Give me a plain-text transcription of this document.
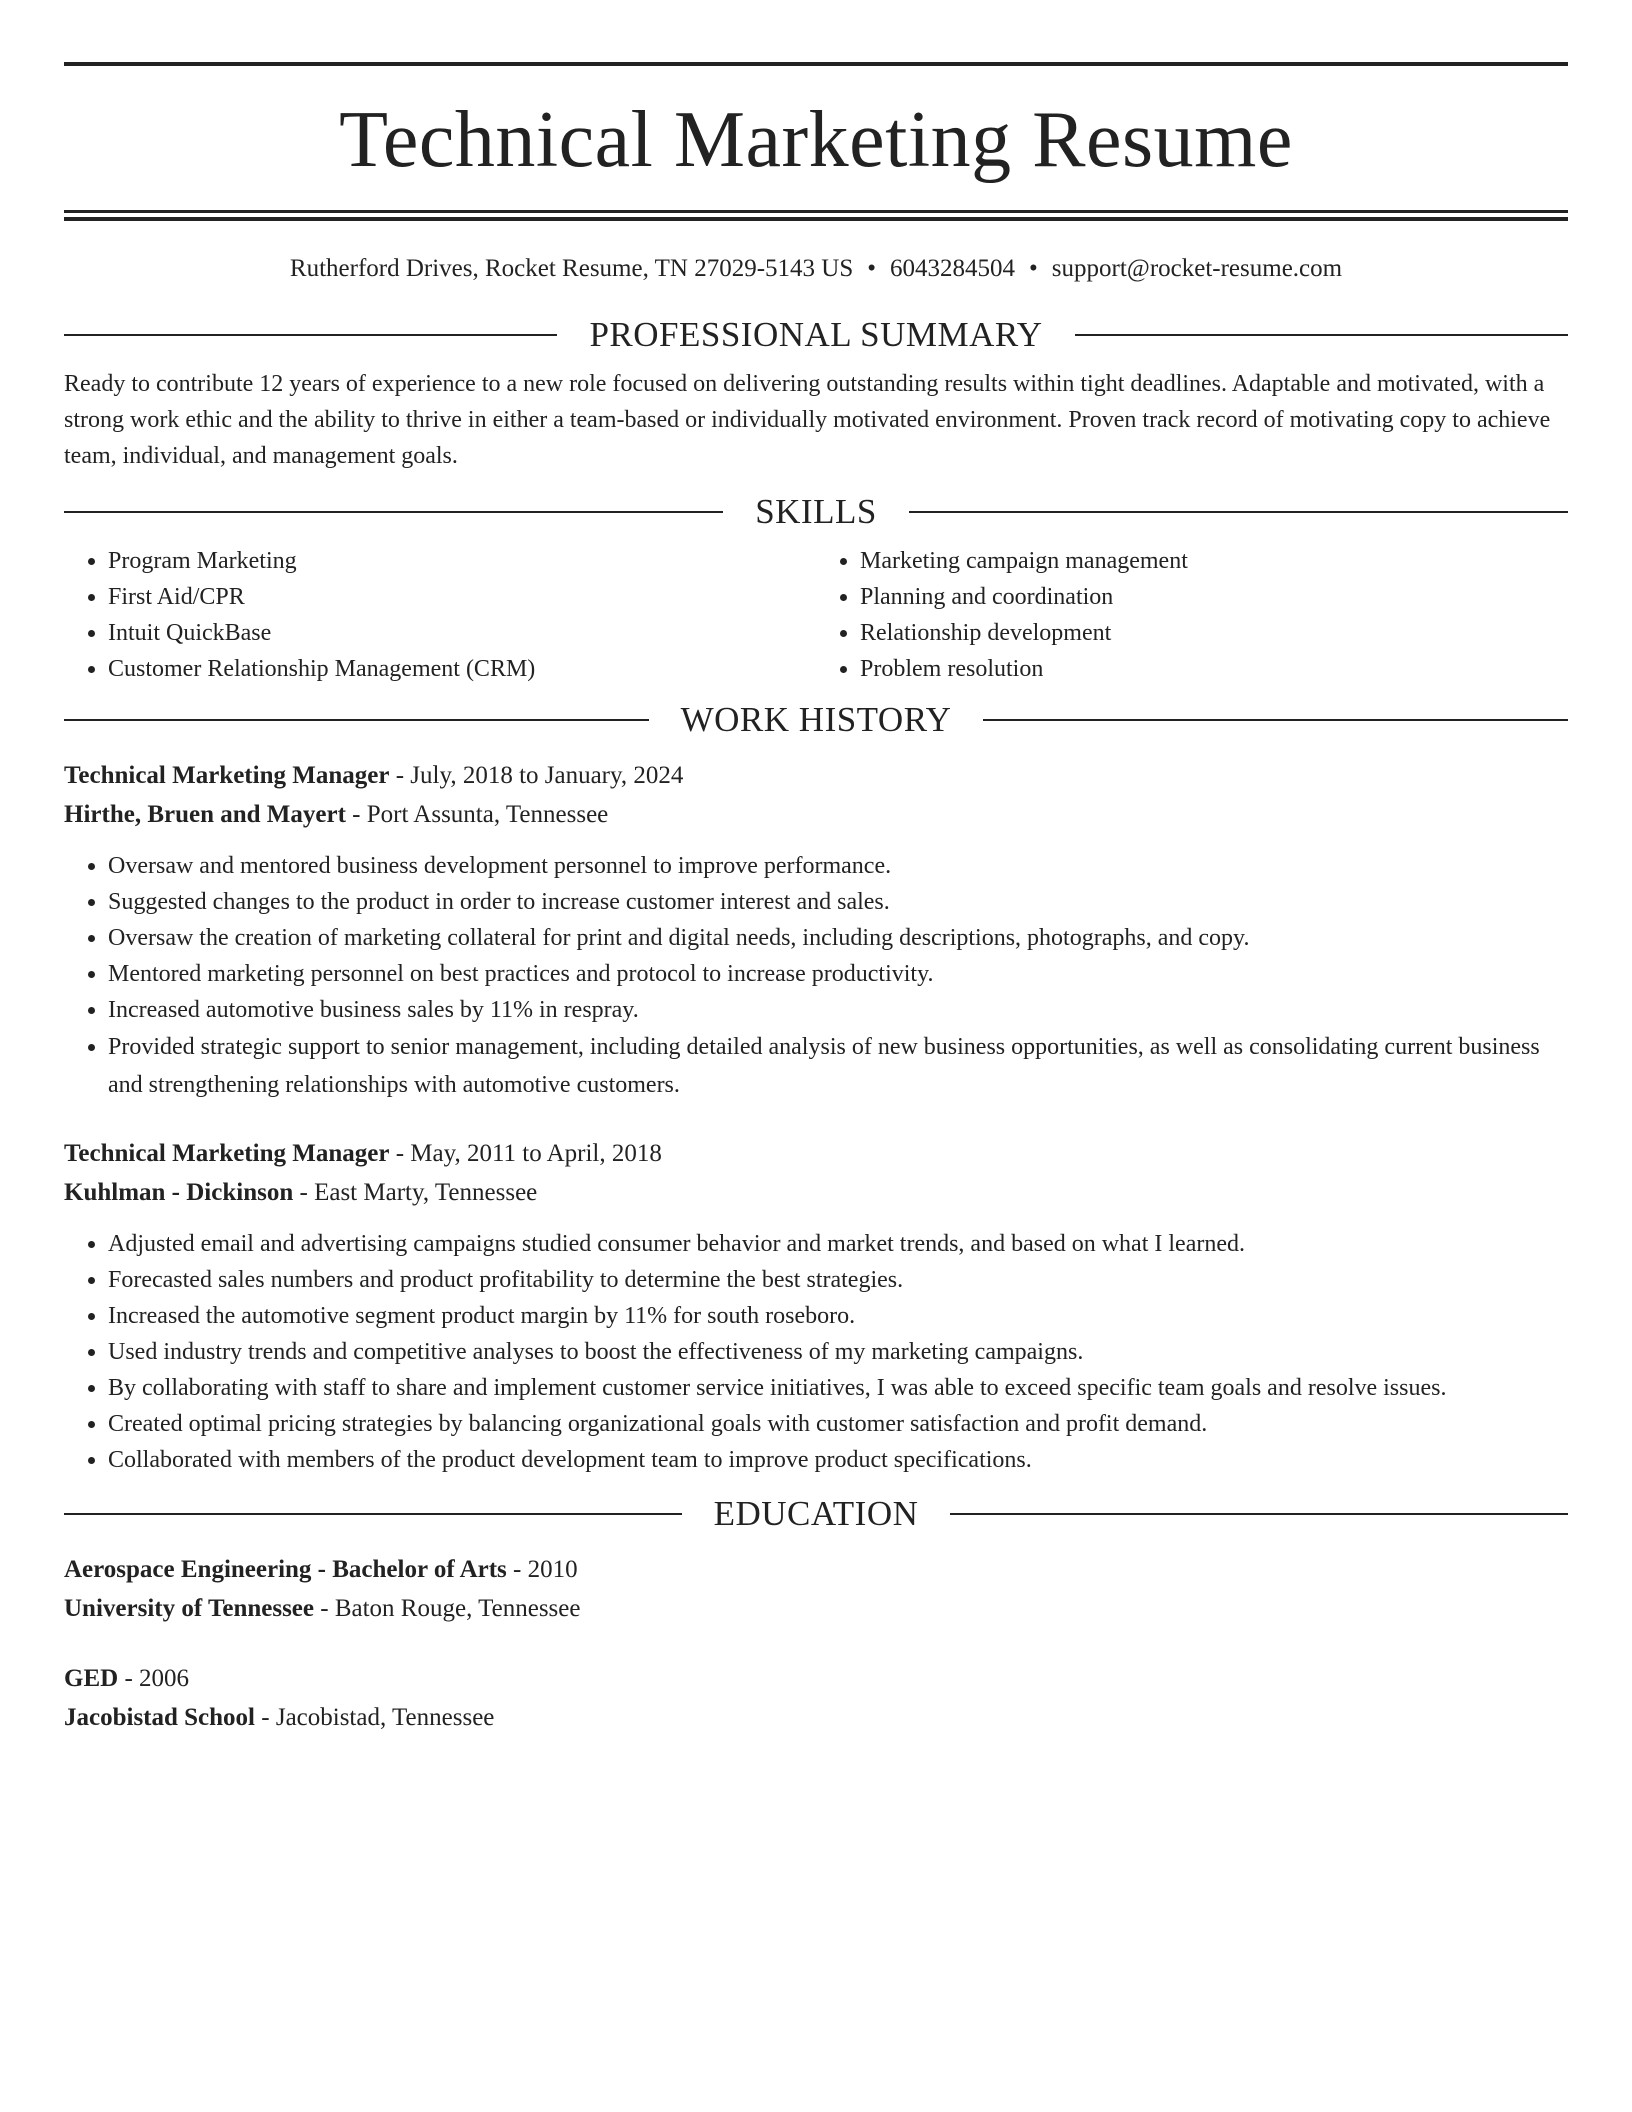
Technical Marketing Resume
Rutherford Drives, Rocket Resume, TN 27029-5143 US • 6043284504 • support@rocket-resume.com
PROFESSIONAL SUMMARY

Ready to contribute 12 years of experience to a new role focused on delivering outstanding results within tight deadlines. Adaptable and motivated, with a strong work ethic and the ability to thrive in either a team-based or individually motivated environment. Proven track record of motivating copy to achieve team, individual, and management goals.

SKILLS
• Program Marketing
• First Aid/CPR
• Intuit QuickBase
• Customer Relationship Management (CRM)
• Marketing campaign management
• Planning and coordination
• Relationship development
• Problem resolution
WORK HISTORY
Technical Marketing Manager - July, 2018 to January, 2024
Hirthe, Bruen and Mayert - Port Assunta, Tennessee
• Oversaw and mentored business development personnel to improve performance.
• Suggested changes to the product in order to increase customer interest and sales.
• Oversaw the creation of marketing collateral for print and digital needs, including descriptions, photographs, and copy.
• Mentored marketing personnel on best practices and protocol to increase productivity.
• Increased automotive business sales by 11% in respray.
• Provided strategic support to senior management, including detailed analysis of new business opportunities, as well as consolidating current business and strengthening relationships with automotive customers.
Technical Marketing Manager - May, 2011 to April, 2018
Kuhlman - Dickinson - East Marty, Tennessee
• Adjusted email and advertising campaigns studied consumer behavior and market trends, and based on what I learned.
• Forecasted sales numbers and product profitability to determine the best strategies.
• Increased the automotive segment product margin by 11% for south roseboro.
• Used industry trends and competitive analyses to boost the effectiveness of my marketing campaigns.
• By collaborating with staff to share and implement customer service initiatives, I was able to exceed specific team goals and resolve issues.
• Created optimal pricing strategies by balancing organizational goals with customer satisfaction and profit demand.
• Collaborated with members of the product development team to improve product specifications.
EDUCATION
Aerospace Engineering - Bachelor of Arts - 2010
University of Tennessee - Baton Rouge, Tennessee
GED - 2006
Jacobistad School - Jacobistad, Tennessee
